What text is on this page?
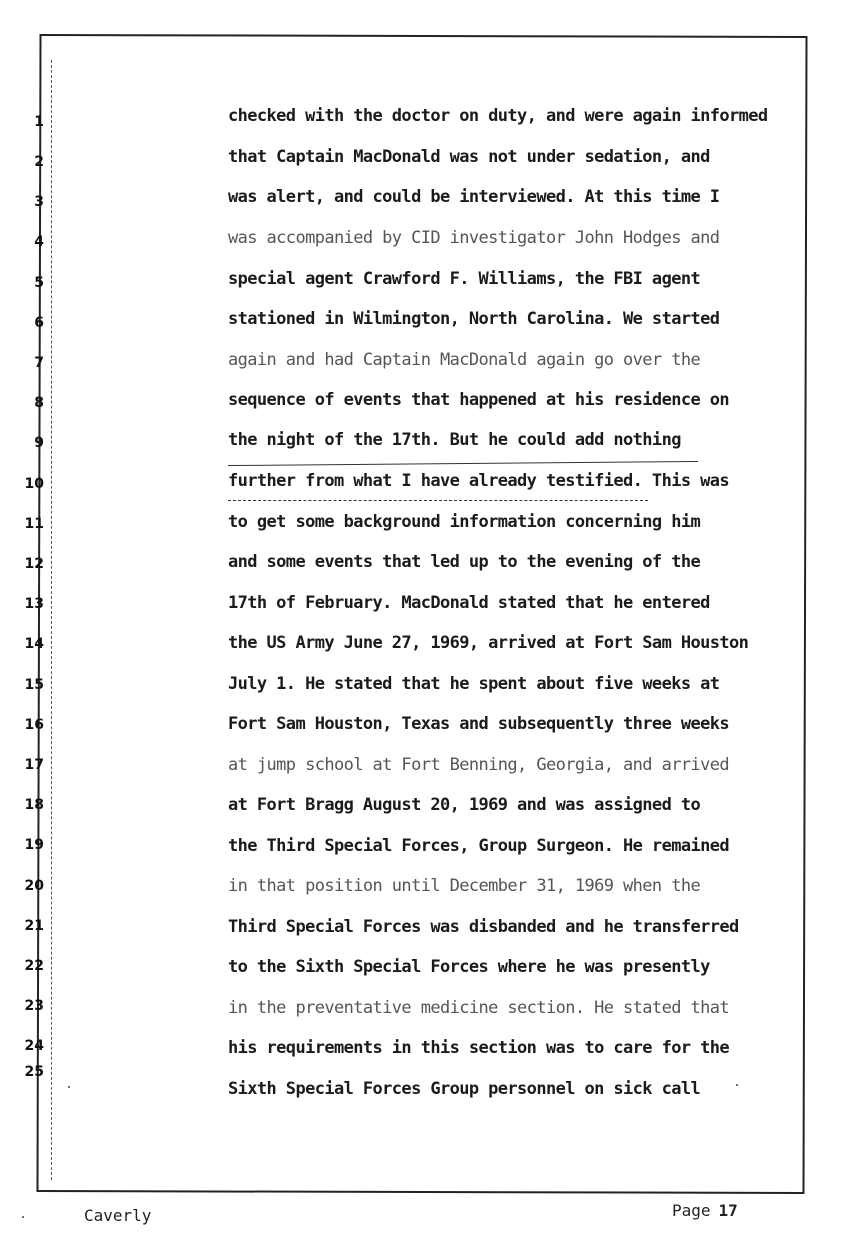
1
2
3
4
5
6
7
8
9
10
11
12
13
14
15
16
17
18
19
20
21
22
23
24
25
checked with the doctor on duty, and were again informed
that Captain MacDonald was not under sedation, and
was alert, and could be interviewed. At this time I
was accompanied by CID investigator John Hodges and
special agent Crawford F. Williams, the FBI agent
stationed in Wilmington, North Carolina. We started
again and had Captain MacDonald again go over the
sequence of events that happened at his residence on
the night of the 17th. But he could add nothing
further from what I have already testified. This was
to get some background information concerning him
and some events that led up to the evening of the
17th of February. MacDonald stated that he entered
the US Army June 27, 1969, arrived at Fort Sam Houston
July 1. He stated that he spent about five weeks at
Fort Sam Houston, Texas and subsequently three weeks
at jump school at Fort Benning, Georgia, and arrived
at Fort Bragg August 20, 1969 and was assigned to
the Third Special Forces, Group Surgeon. He remained
in that position until December 31, 1969 when the
Third Special Forces was disbanded and he transferred
to the Sixth Special Forces where he was presently
in the preventative medicine section. He stated that
his requirements in this section was to care for the
Sixth Special Forces Group personnel on sick call
Caverly	Page 17
